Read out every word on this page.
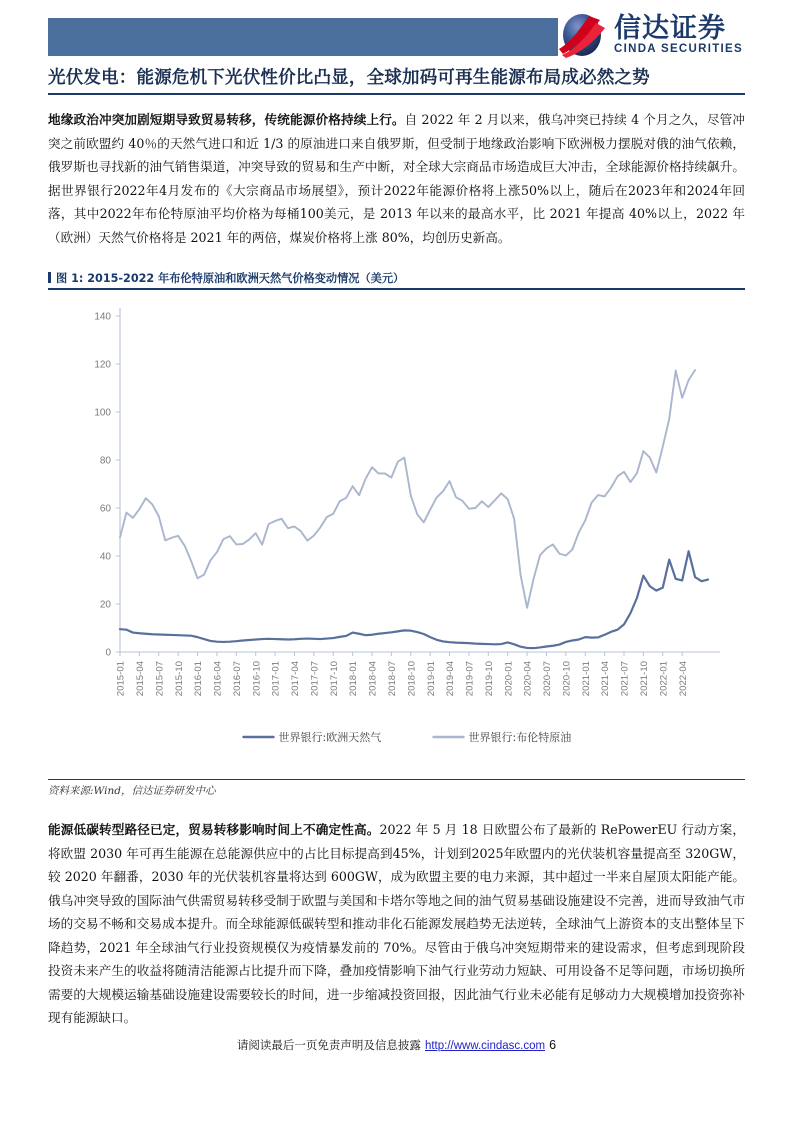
信达证券
CINDA SECURITIES
光伏发电：能源危机下光伏性价比凸显，全球加码可再生能源布局成必然之势
地缘政治冲突加剧短期导致贸易转移，传统能源价格持续上行。自 2022 年 2 月以来，俄乌冲突已持续 4 个月之久，尽管冲突之前欧盟约 40％的天然气进口和近 1/3 的原油进口来自俄罗斯，但受制于地缘政治影响下欧洲极力摆脱对俄的油气依赖，俄罗斯也寻找新的油气销售渠道，冲突导致的贸易和生产中断，对全球大宗商品市场造成巨大冲击，全球能源价格持续飙升。据世界银行2022年4月发布的《大宗商品市场展望》，预计2022年能源价格将上涨50%以上，随后在2023年和2024年回落，其中2022年布伦特原油平均价格为每桶100美元，是 2013 年以来的最高水平，比 2021 年提高 40%以上，2022 年（欧洲）天然气价格将是 2021 年的两倍，煤炭价格将上涨 80%，均创历史新高。
图 1: 2015-2022 年布伦特原油和欧洲天然气价格变动情况（美元）
0
20
40
60
80
100
120
140
2015-01 2015-04 2015-07 2015-10 2016-01 2016-04 2016-07 2016-10 2017-01 2017-04 2017-07 2017-10 2018-01 2018-04 2018-07 2018-10 2019-01 2019-04 2019-07 2019-10 2020-01 2020-04 2020-07 2020-10 2021-01 2021-04 2021-07 2021-10 2022-01 2022-04
世界银行:欧洲天然气	世界银行:布伦特原油
资料来源:Wind，信达证券研发中心
能源低碳转型路径已定，贸易转移影响时间上不确定性高。2022 年 5 月 18 日欧盟公布了最新的 RePowerEU 行动方案，将欧盟 2030 年可再生能源在总能源供应中的占比目标提高到45%，计划到2025年欧盟内的光伏装机容量提高至 320GW，较 2020 年翻番，2030 年的光伏装机容量将达到 600GW，成为欧盟主要的电力来源，其中超过一半来自屋顶太阳能产能。俄乌冲突导致的国际油气供需贸易转移受制于欧盟与美国和卡塔尔等地之间的油气贸易基础设施建设不完善，进而导致油气市场的交易不畅和交易成本提升。而全球能源低碳转型和推动非化石能源发展趋势无法逆转，全球油气上游资本的支出整体呈下降趋势，2021 年全球油气行业投资规模仅为疫情暴发前的 70%。尽管由于俄乌冲突短期带来的建设需求，但考虑到现阶段投资未来产生的收益将随清洁能源占比提升而下降，叠加疫情影响下油气行业劳动力短缺、可用设备不足等问题，市场切换所需要的大规模运输基础设施建设需要较长的时间，进一步缩减投资回报，因此油气行业未必能有足够动力大规模增加投资弥补现有能源缺口。
请阅读最后一页免责声明及信息披露 http://www.cindasc.com 6
